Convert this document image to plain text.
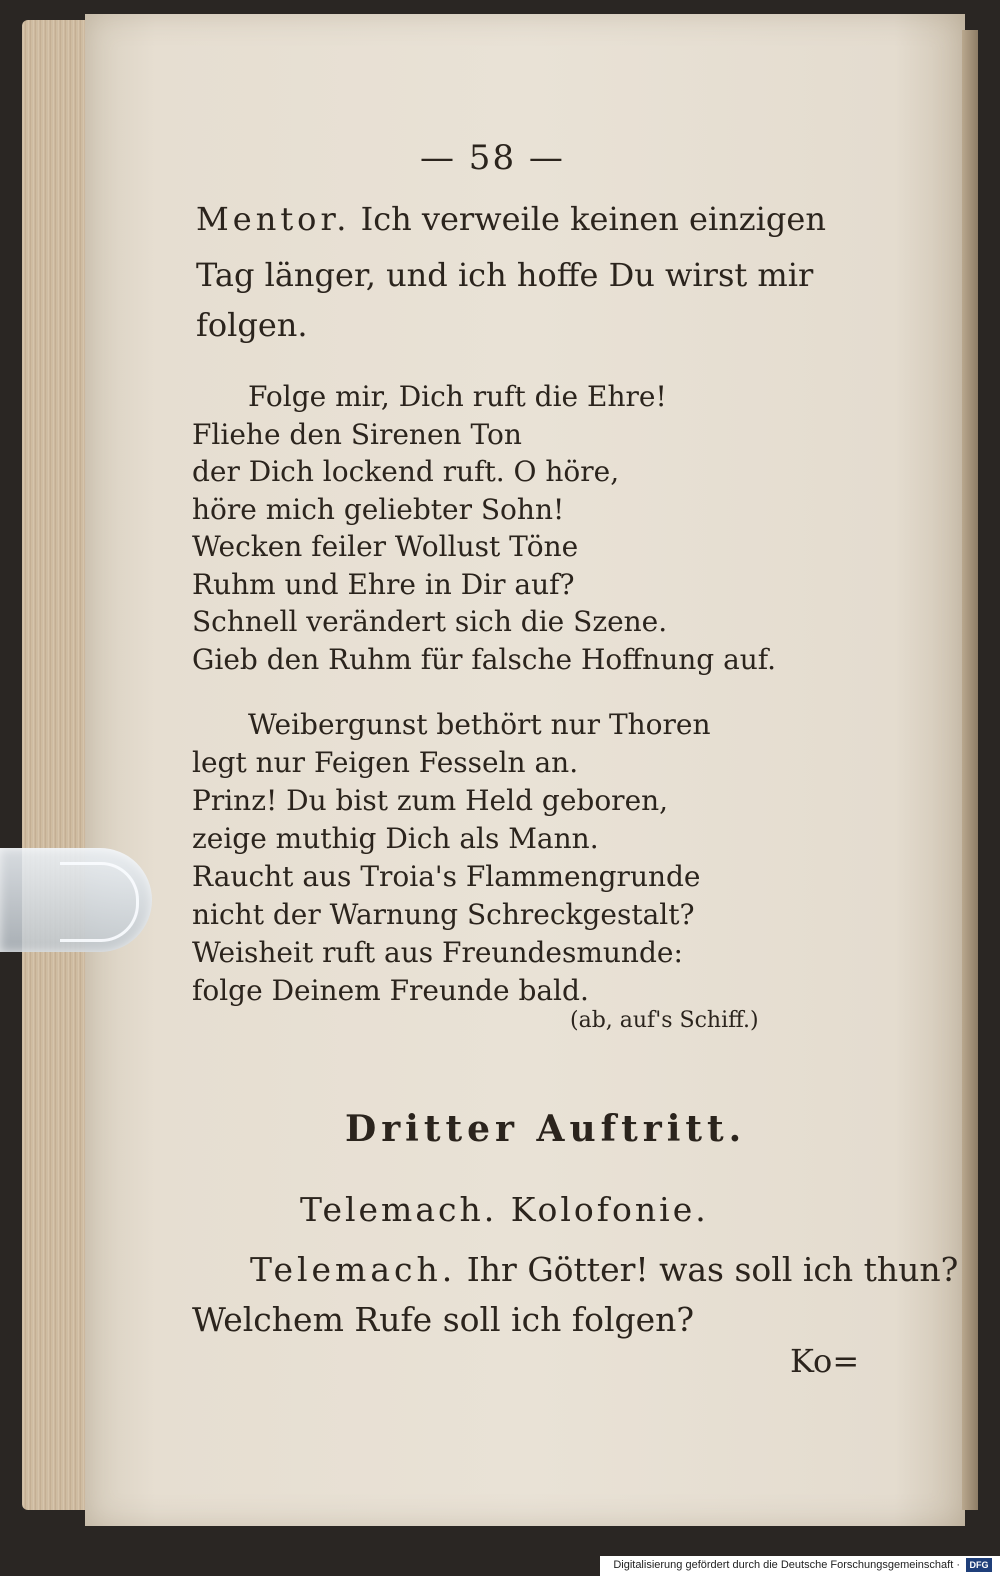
— 58 —
Mentor. Ich verweile keinen einzigen
Tag länger, und ich hoffe Du wirst mir
folgen.
Folge mir, Dich ruft die Ehre!
Fliehe den Sirenen Ton
der Dich lockend ruft. O höre,
höre mich geliebter Sohn!
Wecken feiler Wollust Töne
Ruhm und Ehre in Dir auf?
Schnell verändert sich die Szene.
Gieb den Ruhm für falsche Hoffnung auf.
Weibergunst bethört nur Thoren
legt nur Feigen Fesseln an.
Prinz! Du bist zum Held geboren,
zeige muthig Dich als Mann.
Raucht aus Troia's Flammengrunde
nicht der Warnung Schreckgestalt?
Weisheit ruft aus Freundesmunde:
folge Deinem Freunde bald.
(ab, auf's Schiff.)
Dritter Auftritt.
Telemach. Kolofonie.
Telemach. Ihr Götter! was soll ich thun?
Welchem Rufe soll ich folgen?
Ko=
Digitalisierung gefördert durch die Deutsche Forschungsgemeinschaft ·	DFG
